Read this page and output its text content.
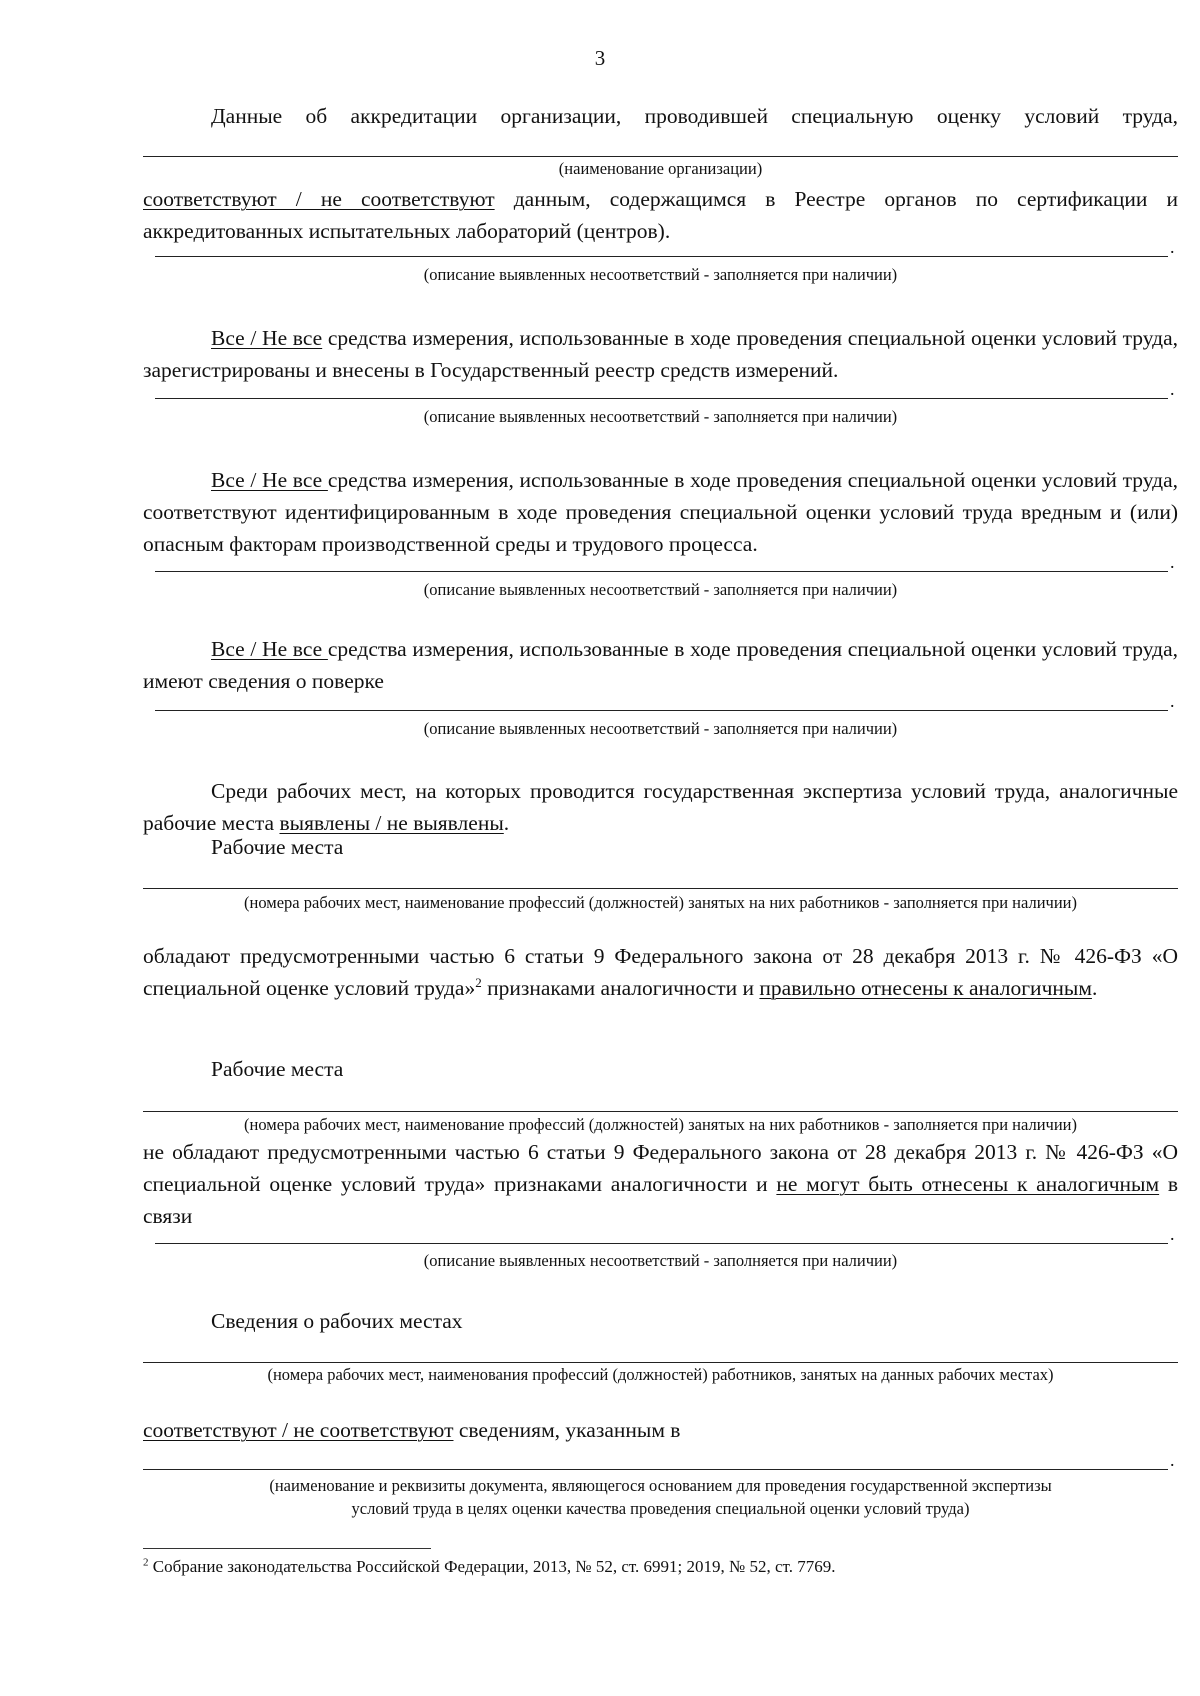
3
Данные об аккредитации организации, проводившей специальную оценку условий труда,
(наименование организации)
соответствуют / не соответствуют данным, содержащимся в Реестре органов по сертификации и аккредитованных испытательных лабораторий (центров).
.
(описание выявленных несоответствий - заполняется при наличии)
Все / Не все средства измерения, использованные в ходе проведения специальной оценки условий труда, зарегистрированы и внесены в Государственный реестр средств измерений.
.
(описание выявленных несоответствий - заполняется при наличии)
Все / Не все средства измерения, использованные в ходе проведения специальной оценки условий труда, соответствуют идентифицированным в ходе проведения специальной оценки условий труда вредным и (или) опасным факторам производственной среды и трудового процесса.
.
(описание выявленных несоответствий - заполняется при наличии)
Все / Не все средства измерения, использованные в ходе проведения специальной оценки условий труда, имеют сведения о поверке
.
(описание выявленных несоответствий - заполняется при наличии)
Среди рабочих мест, на которых проводится государственная экспертиза условий труда, аналогичные рабочие места выявлены / не выявлены.
Рабочие места
(номера рабочих мест, наименование профессий (должностей) занятых на них работников - заполняется при наличии)
обладают предусмотренными частью 6 статьи 9 Федерального закона от 28 декабря 2013 г. № 426-ФЗ «О специальной оценке условий труда»$^2$ признаками аналогичности и правильно отнесены к аналогичным.
Рабочие места
(номера рабочих мест, наименование профессий (должностей) занятых на них работников - заполняется при наличии)
не обладают предусмотренными частью 6 статьи 9 Федерального закона от 28 декабря 2013 г. № 426-ФЗ «О специальной оценке условий труда» признаками аналогичности и не могут быть отнесены к аналогичным в связи
.
(описание выявленных несоответствий - заполняется при наличии)
Сведения о рабочих местах
(номера рабочих мест, наименования профессий (должностей) работников, занятых на данных рабочих местах)
соответствуют / не соответствуют сведениям, указанным в
.
(наименование и реквизиты документа, являющегося основанием для проведения государственной экспертизы
условий труда в целях оценки качества проведения специальной оценки условий труда)
$^2$ Собрание законодательства Российской Федерации, 2013, № 52, ст. 6991; 2019, № 52, ст. 7769.
